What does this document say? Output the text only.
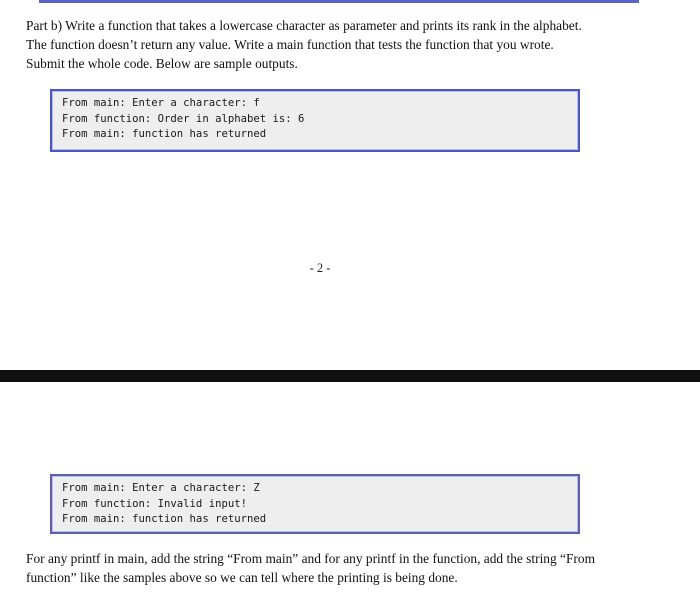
Part b) Write a function that takes a lowercase character as parameter and prints its rank in the alphabet.
The function doesn’t return any value. Write a main function that tests the function that you wrote.
Submit the whole code. Below are sample outputs.

From main: Enter a character: f
From function: Order in alphabet is: 6
From main: function has returned
- 2 -
From main: Enter a character: Z
From function: Invalid input!
From main: function has returned

For any printf in main, add the string “From main” and for any printf in the function, add the string “From
function” like the samples above so we can tell where the printing is being done.
